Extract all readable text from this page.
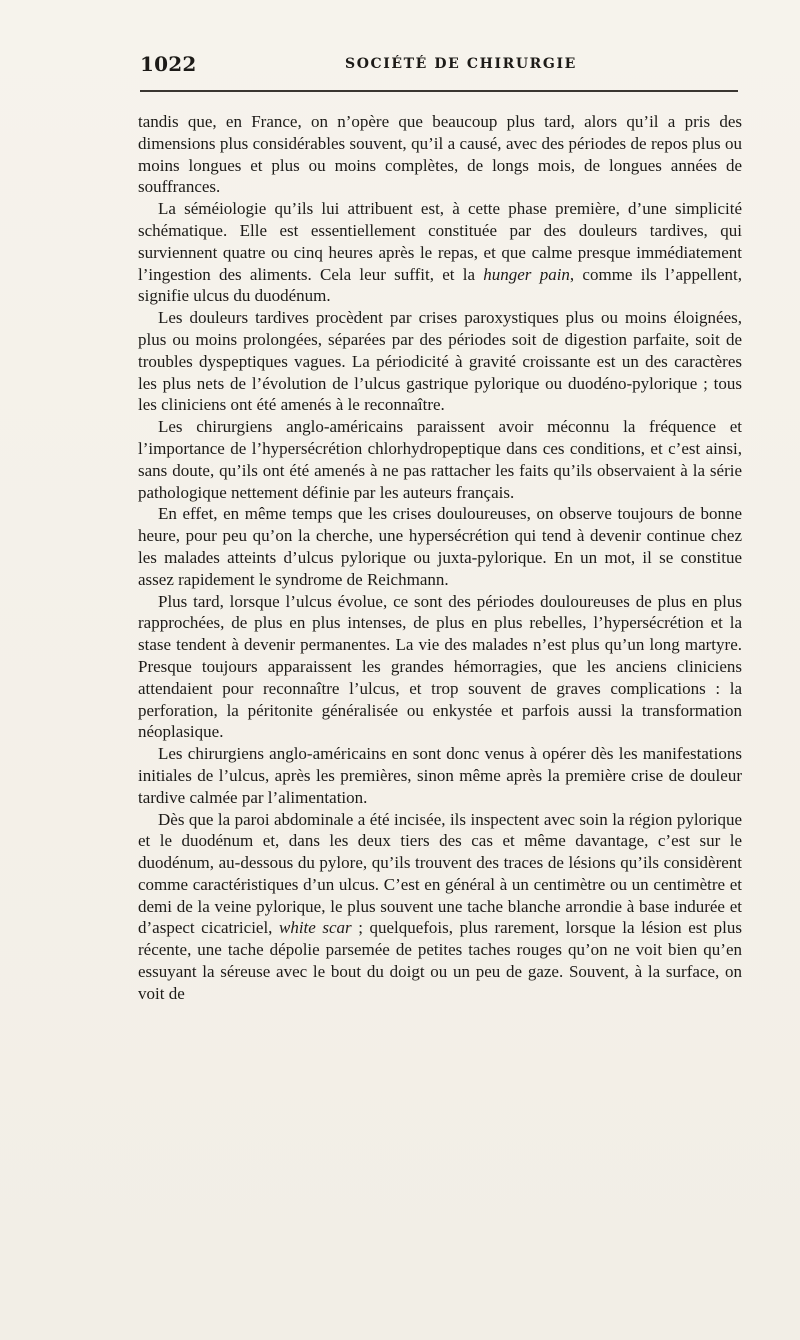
1022	SOCIÉTÉ DE CHIRURGIE

tandis que, en France, on n’opère que beaucoup plus tard, alors qu’il a pris des dimensions plus considérables souvent, qu’il a causé, avec des périodes de repos plus ou moins longues et plus ou moins complètes, de longs mois, de longues années de souffrances.

La séméiologie qu’ils lui attribuent est, à cette phase première, d’une simplicité schématique. Elle est essentiellement constituée par des douleurs tardives, qui surviennent quatre ou cinq heures après le repas, et que calme presque immédiatement l’ingestion des aliments. Cela leur suffit, et la hunger pain, comme ils l’appellent, signifie ulcus du duodénum.

Les douleurs tardives procèdent par crises paroxystiques plus ou moins éloignées, plus ou moins prolongées, séparées par des périodes soit de digestion parfaite, soit de troubles dyspeptiques vagues. La périodicité à gravité croissante est un des caractères les plus nets de l’évolution de l’ulcus gastrique pylorique ou duodéno-pylorique ; tous les cliniciens ont été amenés à le reconnaître.

Les chirurgiens anglo-américains paraissent avoir méconnu la fréquence et l’importance de l’hypersécrétion chlorhydropeptique dans ces conditions, et c’est ainsi, sans doute, qu’ils ont été amenés à ne pas rattacher les faits qu’ils observaient à la série pathologique nettement définie par les auteurs français.

En effet, en même temps que les crises douloureuses, on observe toujours de bonne heure, pour peu qu’on la cherche, une hypersécrétion qui tend à devenir continue chez les malades atteints d’ulcus pylorique ou juxta-pylorique. En un mot, il se constitue assez rapidement le syndrome de Reichmann.

Plus tard, lorsque l’ulcus évolue, ce sont des périodes douloureuses de plus en plus rapprochées, de plus en plus intenses, de plus en plus rebelles, l’hypersécrétion et la stase tendent à devenir permanentes. La vie des malades n’est plus qu’un long martyre. Presque toujours apparaissent les grandes hémorragies, que les anciens cliniciens attendaient pour reconnaître l’ulcus, et trop souvent de graves complications : la perforation, la péritonite généralisée ou enkystée et parfois aussi la transformation néoplasique.

Les chirurgiens anglo-américains en sont donc venus à opérer dès les manifestations initiales de l’ulcus, après les premières, sinon même après la première crise de douleur tardive calmée par l’alimentation.

Dès que la paroi abdominale a été incisée, ils inspectent avec soin la région pylorique et le duodénum et, dans les deux tiers des cas et même davantage, c’est sur le duodénum, au-dessous du pylore, qu’ils trouvent des traces de lésions qu’ils considèrent comme caractéristiques d’un ulcus. C’est en général à un centimètre ou un centimètre et demi de la veine pylorique, le plus souvent une tache blanche arrondie à base indurée et d’aspect cicatriciel, white scar ; quelquefois, plus rarement, lorsque la lésion est plus récente, une tache dépolie parsemée de petites taches rouges qu’on ne voit bien qu’en essuyant la séreuse avec le bout du doigt ou un peu de gaze. Souvent, à la surface, on voit de
